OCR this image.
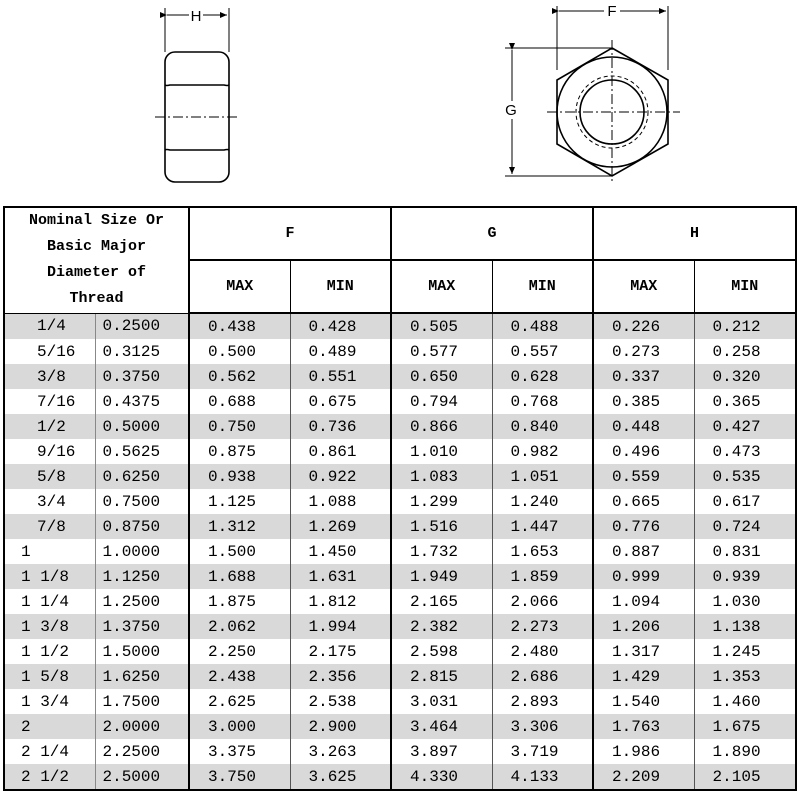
H	F
G
Nominal Size Or
Basic Major
Diameter of
Thread		F		G		H	
		MAX	MIN	MAX	MIN	MAX	MIN
1/4	0.2500	0.438	0.428	0.505	0.488	0.226	0.212
5/16	0.3125	0.500	0.489	0.577	0.557	0.273	0.258
3/8	0.3750	0.562	0.551	0.650	0.628	0.337	0.320
7/16	0.4375	0.688	0.675	0.794	0.768	0.385	0.365
1/2	0.5000	0.750	0.736	0.866	0.840	0.448	0.427
9/16	0.5625	0.875	0.861	1.010	0.982	0.496	0.473
5/8	0.6250	0.938	0.922	1.083	1.051	0.559	0.535
3/4	0.7500	1.125	1.088	1.299	1.240	0.665	0.617
7/8	0.8750	1.312	1.269	1.516	1.447	0.776	0.724
1	1.0000	1.500	1.450	1.732	1.653	0.887	0.831
1 1/8	1.1250	1.688	1.631	1.949	1.859	0.999	0.939
1 1/4	1.2500	1.875	1.812	2.165	2.066	1.094	1.030
1 3/8	1.3750	2.062	1.994	2.382	2.273	1.206	1.138
1 1/2	1.5000	2.250	2.175	2.598	2.480	1.317	1.245
1 5/8	1.6250	2.438	2.356	2.815	2.686	1.429	1.353
1 3/4	1.7500	2.625	2.538	3.031	2.893	1.540	1.460
2	2.0000	3.000	2.900	3.464	3.306	1.763	1.675
2 1/4	2.2500	3.375	3.263	3.897	3.719	1.986	1.890
2 1/2	2.5000	3.750	3.625	4.330	4.133	2.209	2.105
